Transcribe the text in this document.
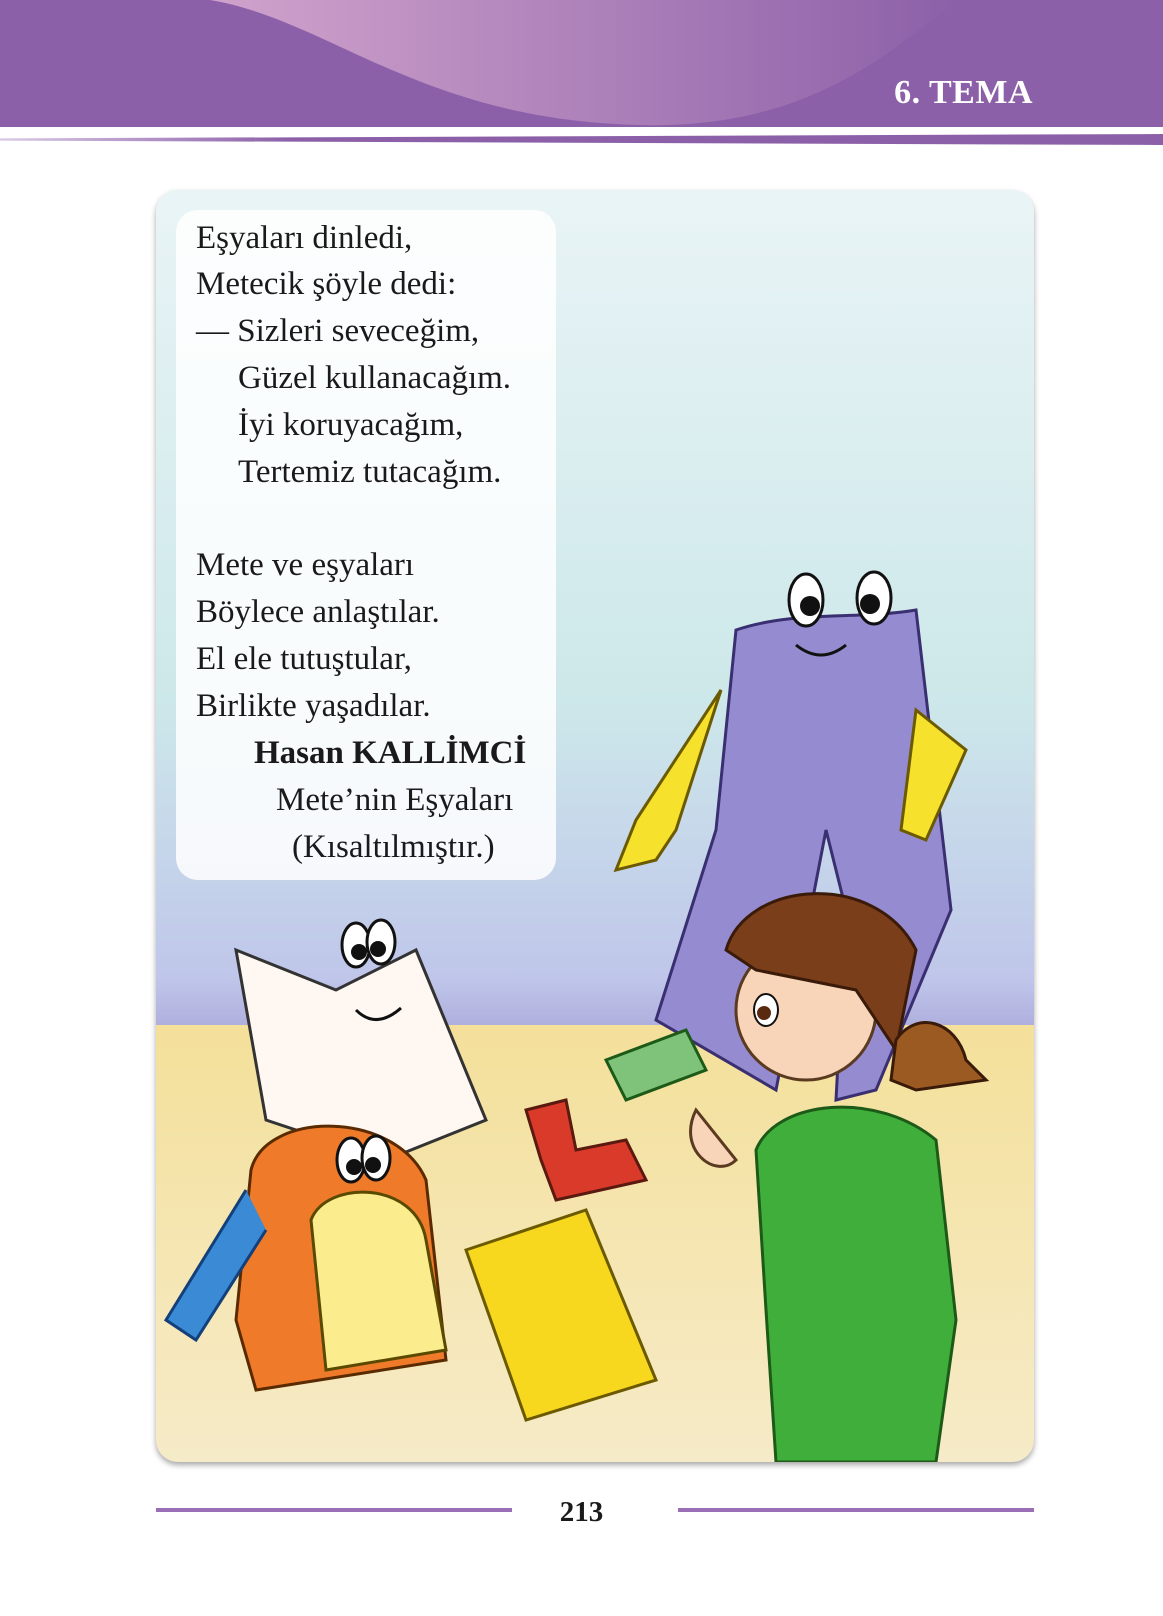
6. TEMA
Eşyaları dinledi,
Metecik şöyle dedi:
— Sizleri seveceğim,
Güzel kullanacağım.
İyi koruyacağım,
Tertemiz tutacağım.
Mete ve eşyaları
Böylece anlaştılar.
El ele tutuştular,
Birlikte yaşadılar.
Hasan KALLİMCİ
Mete’nin Eşyaları
(Kısaltılmıştır.)
213
